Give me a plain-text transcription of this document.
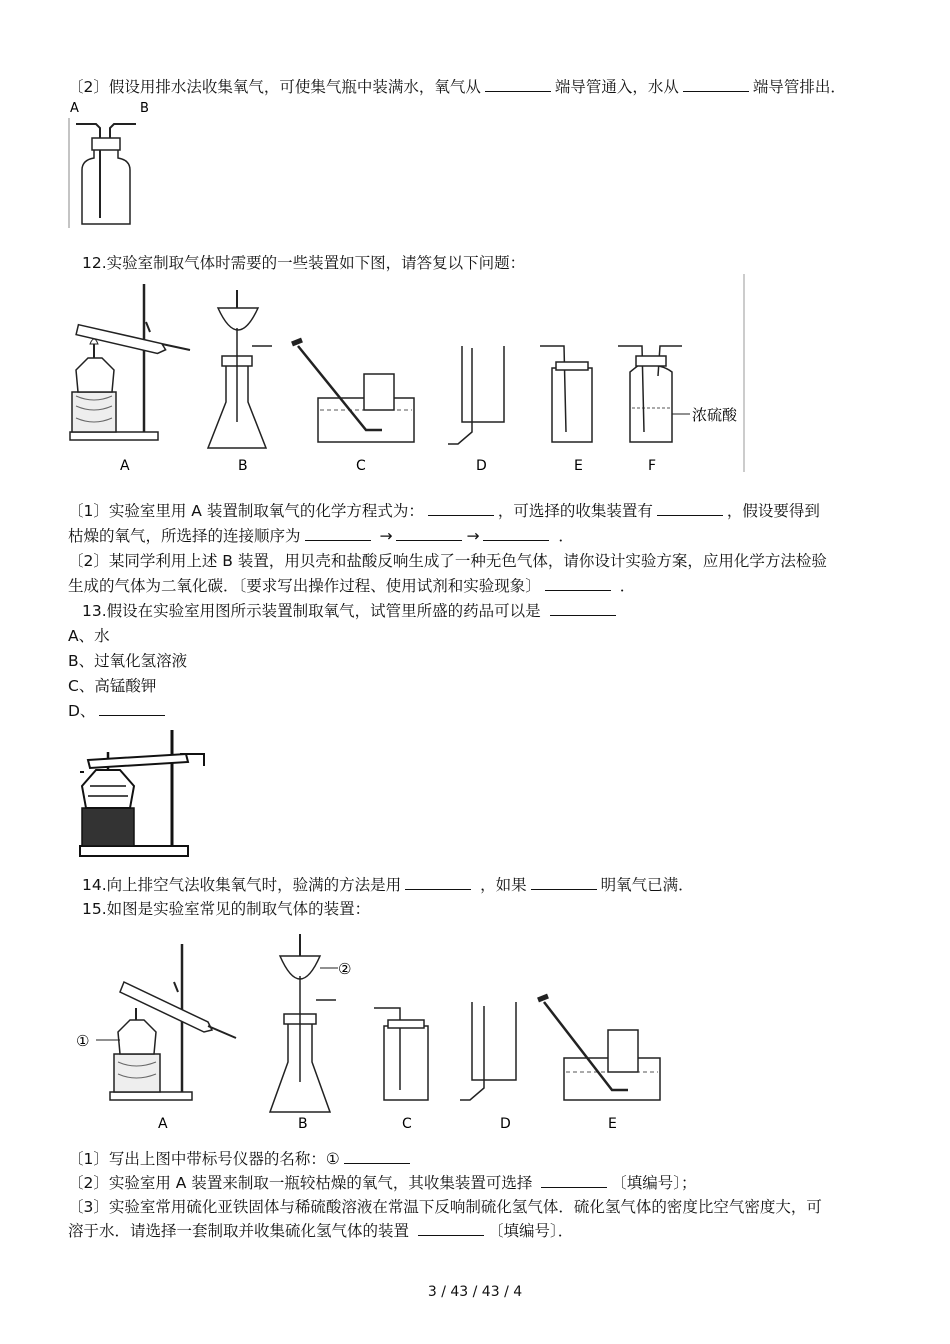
〔2〕假设用排水法收集氧气，可使集气瓶中装满水，氧气从	端导管通入，水从	端导管排出．
A	B
12.实验室制取气体时需要的一些装置如下图，请答复以下问题：
浓硫酸
A	B	C	D	E	F
〔1〕实验室里用 A 装置制取氧气的化学方程式为：	，可选择的收集装置有	，假设要得到
枯燥的氧气，所选择的连接顺序为	→	→	．
〔2〕某同学利用上述 B 装置，用贝壳和盐酸反响生成了一种无色气体，请你设计实验方案，应用化学方法检验
生成的气体为二氧化碳．〔要求写出操作过程、使用试剂和实验现象〕	．
13.假设在实验室用图所示装置制取氧气，试管里所盛的药品可以是
A、水
B、过氧化氢溶液
C、高锰酸钾
D、
14.向上排空气法收集氧气时，验满的方法是用	，如果	明氧气已满．
15.如图是实验室常见的制取气体的装置：
①
②
A	B	C	D	E
〔1〕写出上图中带标号仪器的名称：①
〔2〕实验室用 A 装置来制取一瓶较枯燥的氧气，其收集装置可选择	〔填编号〕；
〔3〕实验室常用硫化亚铁固体与稀硫酸溶液在常温下反响制硫化氢气体．硫化氢气体的密度比空气密度大，可
溶于水．请选择一套制取并收集硫化氢气体的装置	〔填编号〕．
3 / 43 / 43 / 4
